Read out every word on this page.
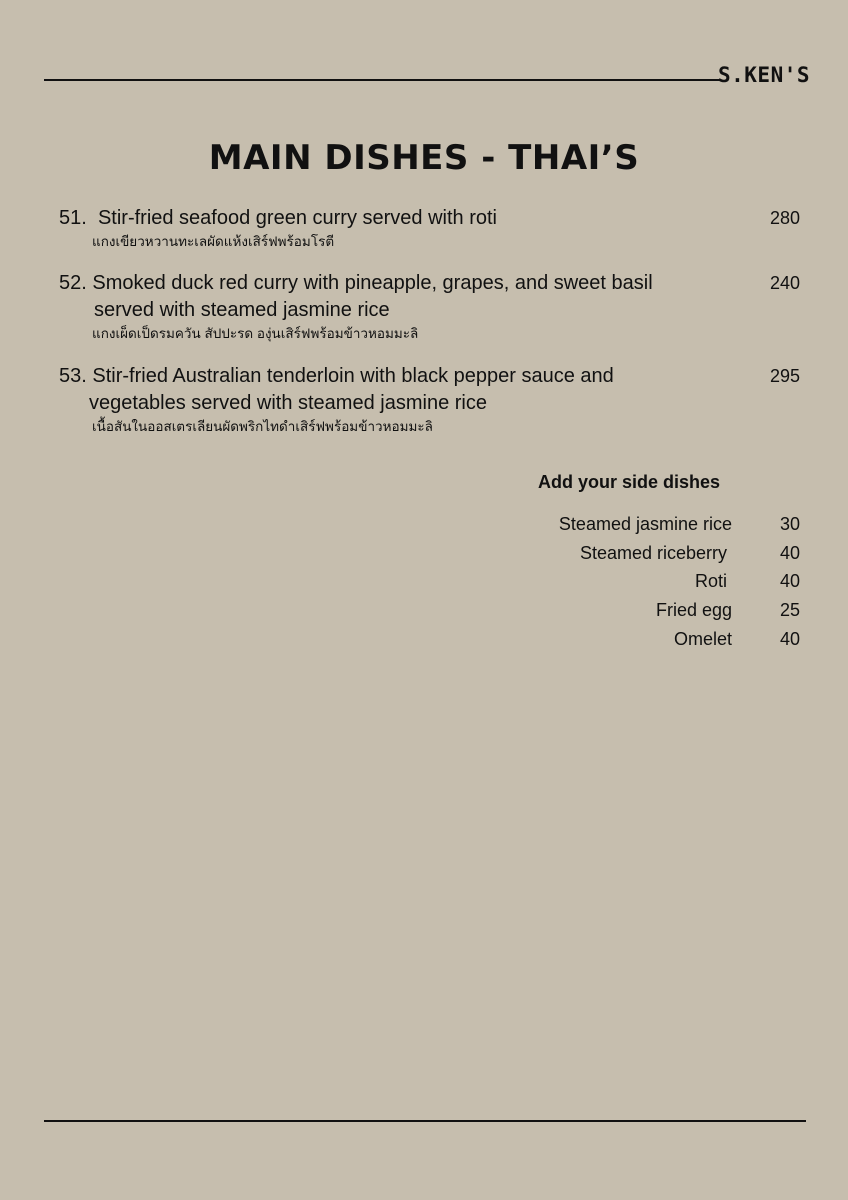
S.KEN'S
MAIN DISHES - THAI’S
51. Stir-fried seafood green curry served with roti
แกงเขียวหวานทะเลผัดแห้งเสิร์ฟพร้อมโรตี
280
52. Smoked duck red curry with pineapple, grapes, and sweet basil
served with steamed jasmine rice
แกงเผ็ดเป็ดรมควัน สัปปะรด องุ่นเสิร์ฟพร้อมข้าวหอมมะลิ
240
53. Stir-fried Australian tenderloin with black pepper sauce and
vegetables served with steamed jasmine rice
เนื้อสันในออสเตรเลียนผัดพริกไทดำเสิร์ฟพร้อมข้าวหอมมะลิ
295
Add your side dishes
Steamed jasmine rice	30
Steamed riceberry	40
Roti	40
Fried egg	25
Omelet	40
